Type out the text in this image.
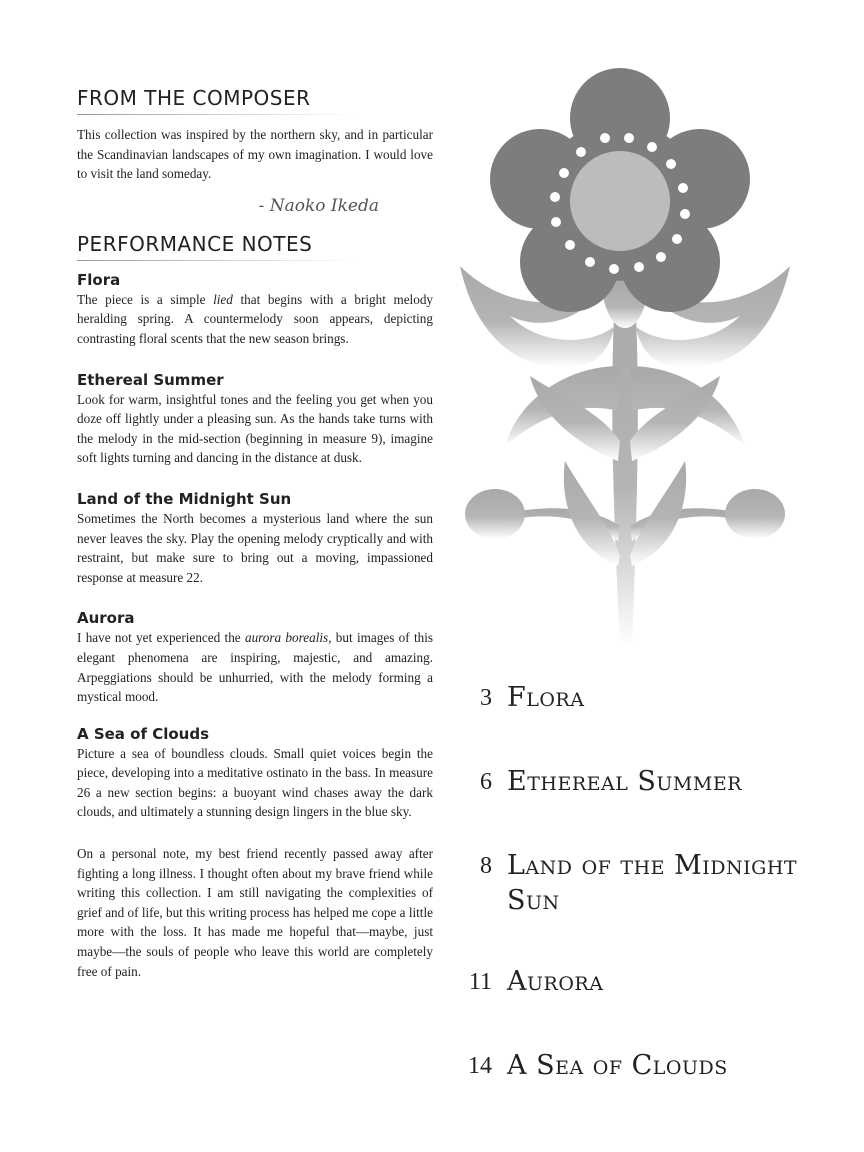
FROM THE COMPOSER

This collection was inspired by the northern sky, and in particular the Scandinavian landscapes of my own imagination. I would love to visit the land someday.

- Naoko Ikeda
PERFORMANCE NOTES
Flora

The piece is a simple lied that begins with a bright melody heralding spring. A countermelody soon appears, depicting contrasting floral scents that the new season brings.

Ethereal Summer

Look for warm, insightful tones and the feeling you get when you doze off lightly under a pleasing sun. As the hands take turns with the melody in the mid-section (beginning in measure 9), imagine soft lights turning and dancing in the distance at dusk.

Land of the Midnight Sun

Sometimes the North becomes a mysterious land where the sun never leaves the sky. Play the opening melody cryptically and with restraint, but make sure to bring out a moving, impassioned response at measure 22.

Aurora

I have not yet experienced the aurora borealis, but images of this elegant phenomena are inspiring, majestic, and amazing. Arpeggiations should be unhurried, with the melody forming a mystical mood.

A Sea of Clouds

Picture a sea of boundless clouds. Small quiet voices begin the piece, developing into a meditative ostinato in the bass. In measure 26 a new section begins: a buoyant wind chases away the dark clouds, and ultimately a stunning design lingers in the blue sky.

On a personal note, my best friend recently passed away after fighting a long illness. I thought often about my brave friend while writing this collection. I am still navigating the complexities of grief and of life, but this writing process has helped me cope a little more with the loss. It has made me hopeful that—maybe, just maybe—the souls of people who leave this world are completely free of pain.

3 Flora
6 Ethereal Summer
8 Land of the Midnight Sun
11 Aurora
14 A Sea of Clouds
